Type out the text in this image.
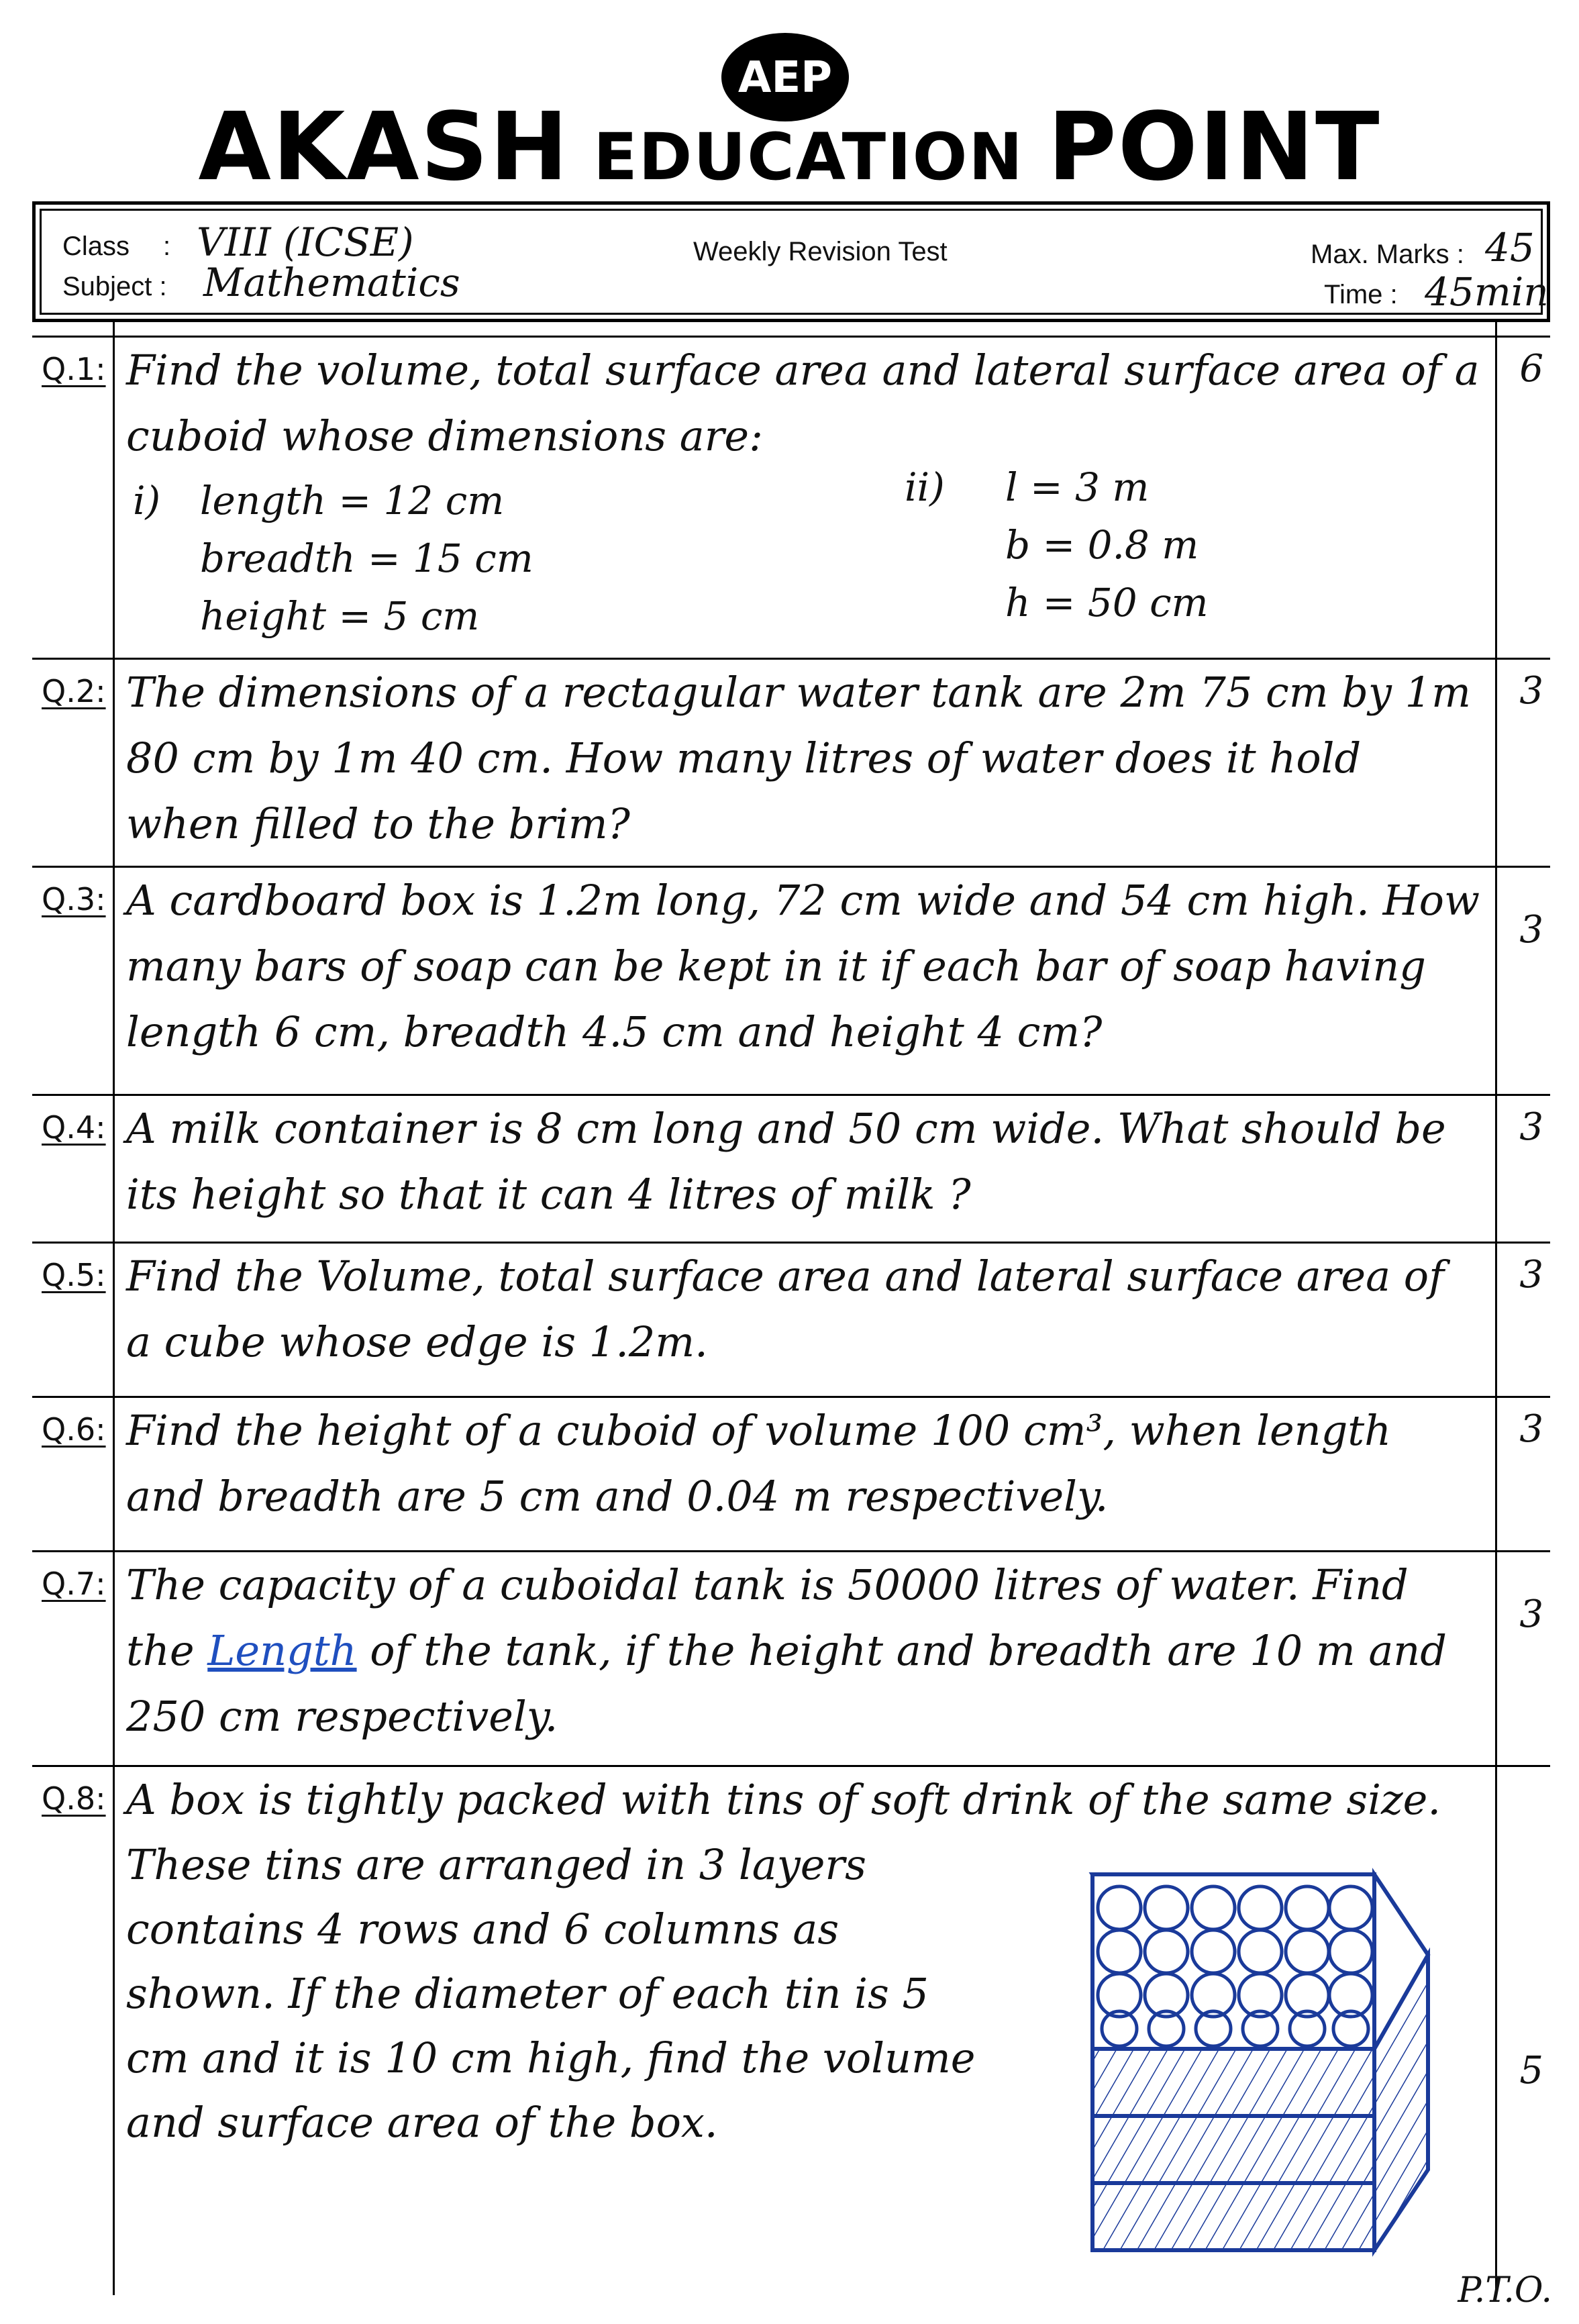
AEP
AKASH EDUCATION POINT
Class : VIII (ICSE)
Subject : Mathematics
Weekly Revision Test	Max. Marks : 45
Time : 45min
Q.1: Find the volume, total surface area and lateral surface area of a cuboid whose dimensions are:
6
i) length = 12 cm
breadth = 15 cm
height = 5 cm
ii) l = 3 m
b = 0.8 m
h = 50 cm
Q.2: The dimensions of a rectagular water tank are 2m 75 cm by 1m 80 cm by 1m 40 cm. How many litres of water does it hold when filled to the brim?
3
Q.3: A cardboard box is 1.2m long, 72 cm wide and 54 cm high. How many bars of soap can be kept in it if each bar of soap having length 6 cm, breadth 4.5 cm and height 4 cm?
3
Q.4: A milk container is 8 cm long and 50 cm wide. What should be its height so that it can 4 litres of milk ?
3
Q.5: Find the Volume, total surface area and lateral surface area of a cube whose edge is 1.2m.
3
Q.6: Find the height of a cuboid of volume 100 cm³, when length and breadth are 5 cm and 0.04 m respectively.
3
Q.7: The capacity of a cuboidal tank is 50000 litres of water. Find the Length of the tank, if the height and breadth are 10 m and 250 cm respectively.
3
Q.8: A box is tightly packed with tins of soft drink of the same size.
These tins are arranged in 3 layers contains 4 rows and 6 columns as shown. If the diameter of each tin is 5 cm and it is 10 cm high, find the volume and surface area of the box.
5
P.T.O.
